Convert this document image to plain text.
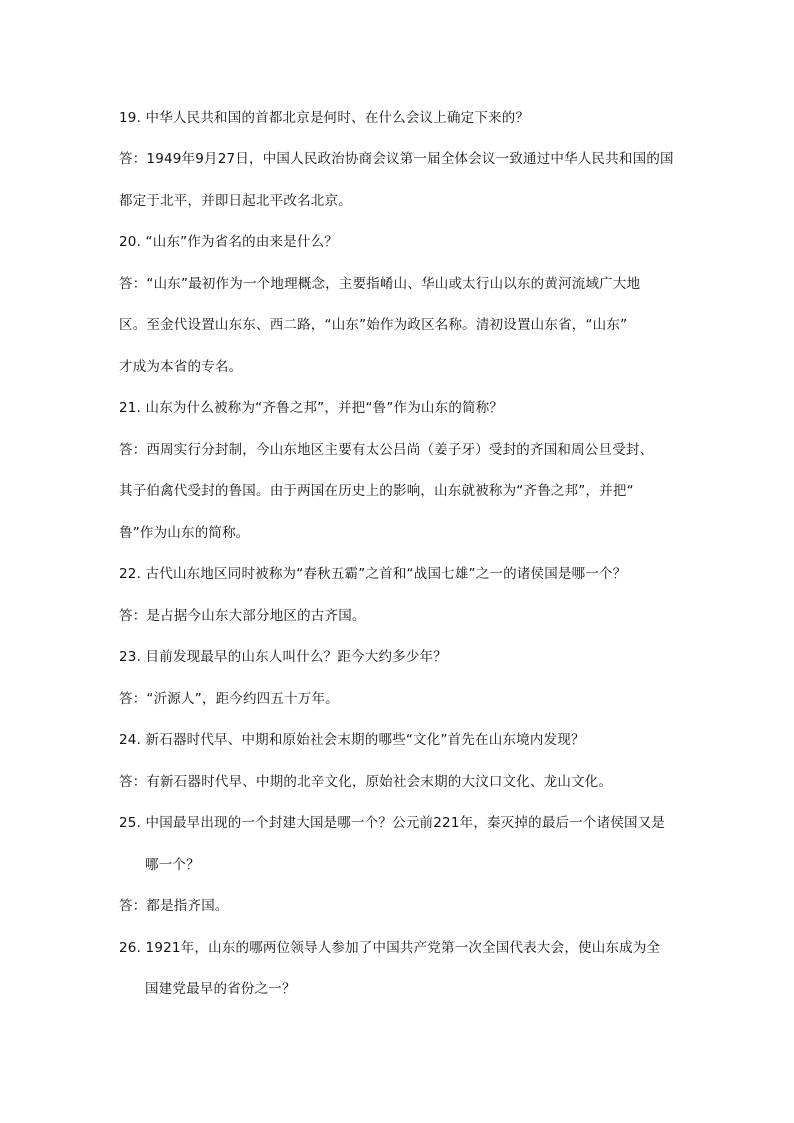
19. 中华人民共和国的首都北京是何时、在什么会议上确定下来的？
答：1949年9月27日，中国人民政治协商会议第一届全体会议一致通过中华人民共和国的国
都定于北平，并即日起北平改名北京。
20. “山东”作为省名的由来是什么？
答：“山东”最初作为一个地理概念，主要指崤山、华山或太行山以东的黄河流域广大地
区。至金代设置山东东、西二路，“山东”始作为政区名称。清初设置山东省，“山东”
才成为本省的专名。
21. 山东为什么被称为“齐鲁之邦”，并把“鲁”作为山东的简称？
答：西周实行分封制，今山东地区主要有太公吕尚（姜子牙）受封的齐国和周公旦受封、
其子伯禽代受封的鲁国。由于两国在历史上的影响，山东就被称为“齐鲁之邦”，并把“
鲁”作为山东的简称。
22. 古代山东地区同时被称为“春秋五霸”之首和“战国七雄”之一的诸侯国是哪一个？
答：是占据今山东大部分地区的古齐国。
23. 目前发现最早的山东人叫什么？距今大约多少年？
答：“沂源人”，距今约四五十万年。
24. 新石器时代早、中期和原始社会末期的哪些“文化”首先在山东境内发现？
答：有新石器时代早、中期的北辛文化，原始社会末期的大汶口文化、龙山文化。
25. 中国最早出现的一个封建大国是哪一个？公元前221年，秦灭掉的最后一个诸侯国又是
哪一个？
答：都是指齐国。
26. 1921年，山东的哪两位领导人参加了中国共产党第一次全国代表大会，使山东成为全
国建党最早的省份之一？
